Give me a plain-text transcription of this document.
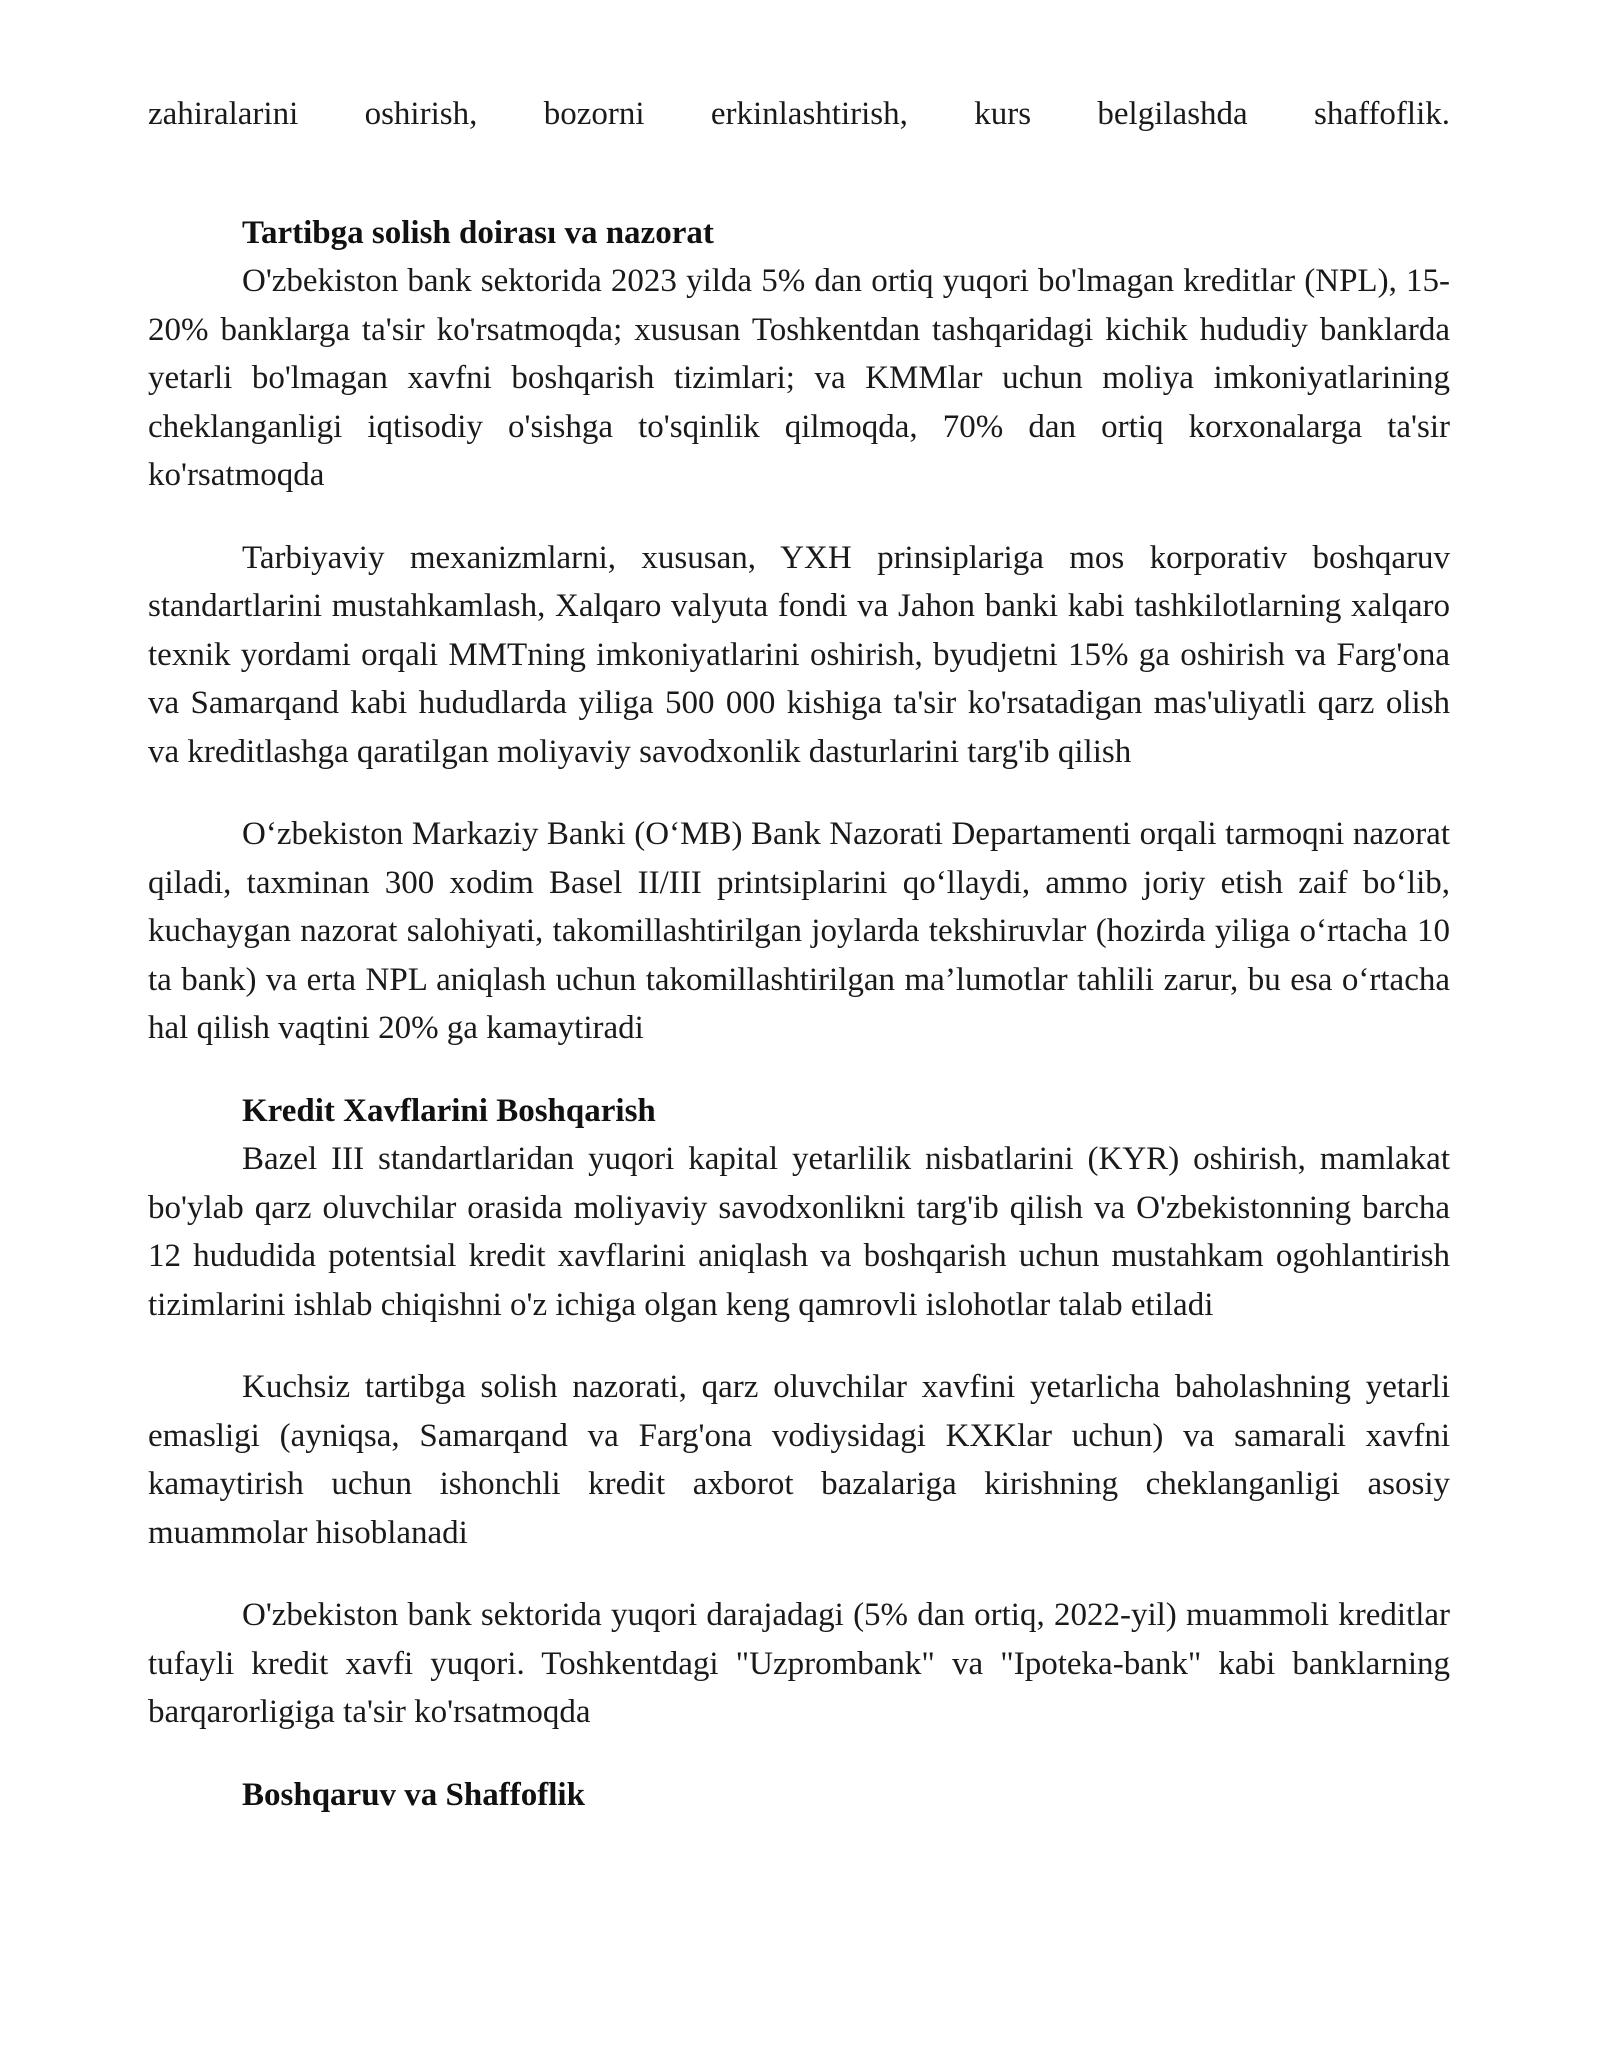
zahiralarini oshirish, bozorni erkinlashtirish, kurs belgilashda shaffoflik.

Tartibga solish doirası va nazorat

O'zbekiston bank sektorida 2023 yilda 5% dan ortiq yuqori bo'lmagan kreditlar (NPL), 15-20% banklarga ta'sir ko'rsatmoqda; xususan Toshkentdan tashqaridagi kichik hududiy banklarda yetarli bo'lmagan xavfni boshqarish tizimlari; va KMMlar uchun moliya imkoniyatlarining cheklanganligi iqtisodiy o'sishga to'sqinlik qilmoqda, 70% dan ortiq korxonalarga ta'sir ko'rsatmoqda

Tarbiyaviy mexanizmlarni, xususan, YXH prinsiplariga mos korporativ boshqaruv standartlarini mustahkamlash, Xalqaro valyuta fondi va Jahon banki kabi tashkilotlarning xalqaro texnik yordami orqali MMTning imkoniyatlarini oshirish, byudjetni 15% ga oshirish va Farg'ona va Samarqand kabi hududlarda yiliga 500 000 kishiga ta'sir ko'rsatadigan mas'uliyatli qarz olish va kreditlashga qaratilgan moliyaviy savodxonlik dasturlarini targ'ib qilish

O‘zbekiston Markaziy Banki (O‘MB) Bank Nazorati Departamenti orqali tarmoqni nazorat qiladi, taxminan 300 xodim Basel II/III printsiplarini qo‘llaydi, ammo joriy etish zaif bo‘lib, kuchaygan nazorat salohiyati, takomillashtirilgan joylarda tekshiruvlar (hozirda yiliga o‘rtacha 10 ta bank) va erta NPL aniqlash uchun takomillashtirilgan ma’lumotlar tahlili zarur, bu esa o‘rtacha hal qilish vaqtini 20% ga kamaytiradi

Kredit Xavflarini Boshqarish

Bazel III standartlaridan yuqori kapital yetarlilik nisbatlarini (KYR) oshirish, mamlakat bo'ylab qarz oluvchilar orasida moliyaviy savodxonlikni targ'ib qilish va O'zbekistonning barcha 12 hududida potentsial kredit xavflarini aniqlash va boshqarish uchun mustahkam ogohlantirish tizimlarini ishlab chiqishni o'z ichiga olgan keng qamrovli islohotlar talab etiladi

Kuchsiz tartibga solish nazorati, qarz oluvchilar xavfini yetarlicha baholashning yetarli emasligi (ayniqsa, Samarqand va Farg'ona vodiysidagi KXKlar uchun) va samarali xavfni kamaytirish uchun ishonchli kredit axborot bazalariga kirishning cheklanganligi asosiy muammolar hisoblanadi

O'zbekiston bank sektorida yuqori darajadagi (5% dan ortiq, 2022-yil) muammoli kreditlar tufayli kredit xavfi yuqori. Toshkentdagi "Uzprombank" va "Ipoteka-bank" kabi banklarning barqarorligiga ta'sir ko'rsatmoqda

Boshqaruv va Shaffoflik
